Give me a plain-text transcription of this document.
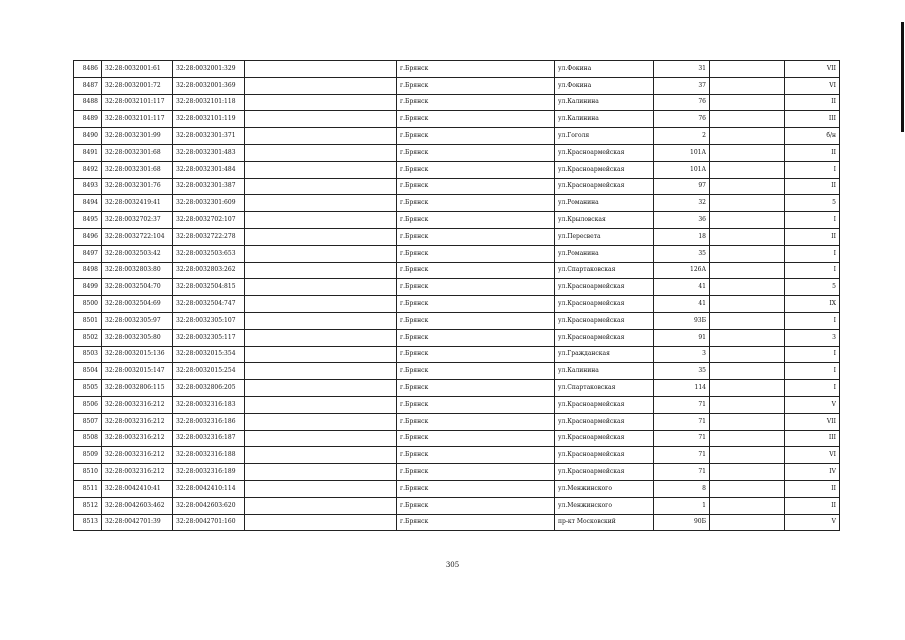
8486	32:28:0032001:61	32:28:0032001:329		г.Брянск	ул.Фокина	31		VII
8487	32:28:0032001:72	32:28:0032001:369		г.Брянск	ул.Фокина	37		VI
8488	32:28:0032101:117	32:28:0032101:118		г.Брянск	ул.Калинина	76		II
8489	32:28:0032101:117	32:28:0032101:119		г.Брянск	ул.Калинина	76		III
8490	32:28:0032301:99	32:28:0032301:371		г.Брянск	ул.Гоголя	2		б/н
8491	32:28:0032301:68	32:28:0032301:483		г.Брянск	ул.Красноармейская	101А		II
8492	32:28:0032301:68	32:28:0032301:484		г.Брянск	ул.Красноармейская	101А		I
8493	32:28:0032301:76	32:28:0032301:387		г.Брянск	ул.Красноармейская	97		II
8494	32:28:0032419:41	32:28:0032301:609		г.Брянск	ул.Романина	32		5
8495	32:28:0032702:37	32:28:0032702:107		г.Брянск	ул.Крыловская	36		I
8496	32:28:0032722:104	32:28:0032722:278		г.Брянск	ул.Пересвета	18		II
8497	32:28:0032503:42	32:28:0032503:653		г.Брянск	ул.Романина	35		I
8498	32:28:0032803:80	32:28:0032803:262		г.Брянск	ул.Спартаковская	126А		I
8499	32:28:0032504:70	32:28:0032504:815		г.Брянск	ул.Красноармейская	41		5
8500	32:28:0032504:69	32:28:0032504:747		г.Брянск	ул.Красноармейская	41		IX
8501	32:28:0032305:97	32:28:0032305:107		г.Брянск	ул.Красноармейская	93Б		I
8502	32:28:0032305:80	32:28:0032305:117		г.Брянск	ул.Красноармейская	91		3
8503	32:28:0032015:136	32:28:0032015:354		г.Брянск	ул.Гражданская	3		I
8504	32:28:0032015:147	32:28:0032015:254		г.Брянск	ул.Калинина	35		I
8505	32:28:0032806:115	32:28:0032806:205		г.Брянск	ул.Спартаковская	114		I
8506	32:28:0032316:212	32:28:0032316:183		г.Брянск	ул.Красноармейская	71		V
8507	32:28:0032316:212	32:28:0032316:186		г.Брянск	ул.Красноармейская	71		VII
8508	32:28:0032316:212	32:28:0032316:187		г.Брянск	ул.Красноармейская	71		III
8509	32:28:0032316:212	32:28:0032316:188		г.Брянск	ул.Красноармейская	71		VI
8510	32:28:0032316:212	32:28:0032316:189		г.Брянск	ул.Красноармейская	71		IV
8511	32:28:0042410:41	32:28:0042410:114		г.Брянск	ул.Менжинского	8		II
8512	32:28:0042603:462	32:28:0042603:620		г.Брянск	ул.Менжинского	1		II
8513	32:28:0042701:39	32:28:0042701:160		г.Брянск	пр-кт Московский	90Б		V
305
